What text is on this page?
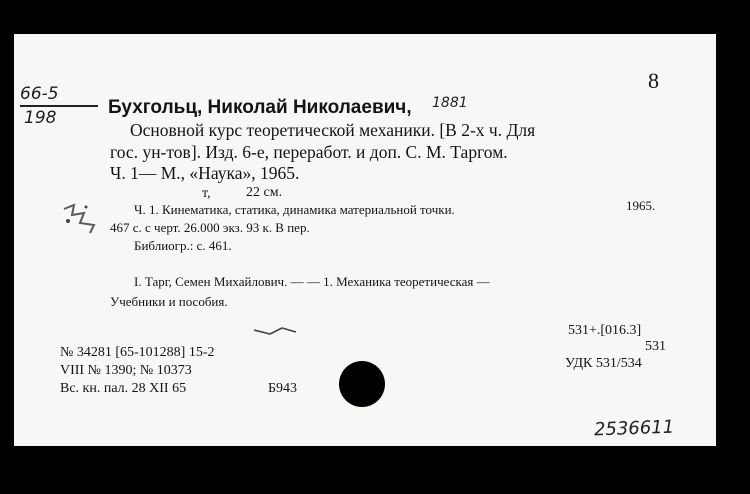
66-5
198
8
Бухгольц, Николай Николаевич, 1881
Основной курс теоретической механики. [В 2-х ч. Для
гос. ун-тов]. Изд. 6-е, переработ. и доп. С. М. Таргом.
Ч. 1— М., «Наука», 1965.
т,	22 см.
Ч. 1. Кинематика, статика, динамика материальной точки.	1965.
467 с. с черт. 26.000 экз. 93 к. В пер.
Библиогр.: с. 461.
I. Тарг, Семен Михайлович. — — 1. Механика теоретическая —
Учебники и пособия.
531+.[016.3]
531
УДК 531/534
№ 34281 [65-101288] 15-2
VIII № 1390; № 10373
Вс. кн. пал. 28 XII 65	Б943
2536611
